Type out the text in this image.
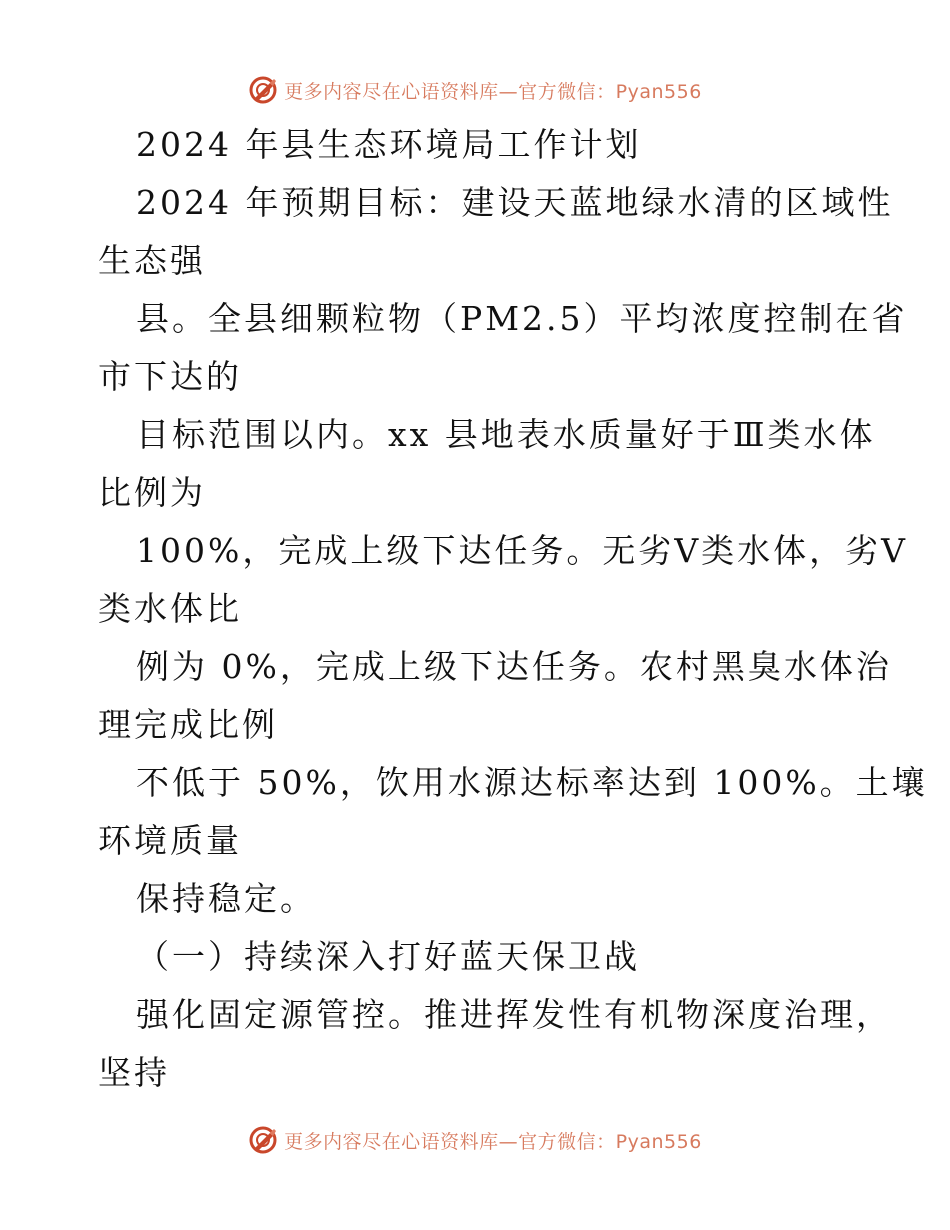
更多内容尽在心语资料库—官方微信：Pyan556
2024 年县生态环境局工作计划
2024 年预期目标：建设天蓝地绿水清的区域性
生态强
县。全县细颗粒物（PM2.5）平均浓度控制在省
市下达的
目标范围以内。xx 县地表水质量好于Ⅲ类水体
比例为
100%，完成上级下达任务。无劣Ⅴ类水体，劣Ⅴ
类水体比
例为 0%，完成上级下达任务。农村黑臭水体治
理完成比例
不低于 50%，饮用水源达标率达到 100%。土壤
环境质量
保持稳定。
（一）持续深入打好蓝天保卫战
强化固定源管控。推进挥发性有机物深度治理，
坚持
更多内容尽在心语资料库—官方微信：Pyan556
